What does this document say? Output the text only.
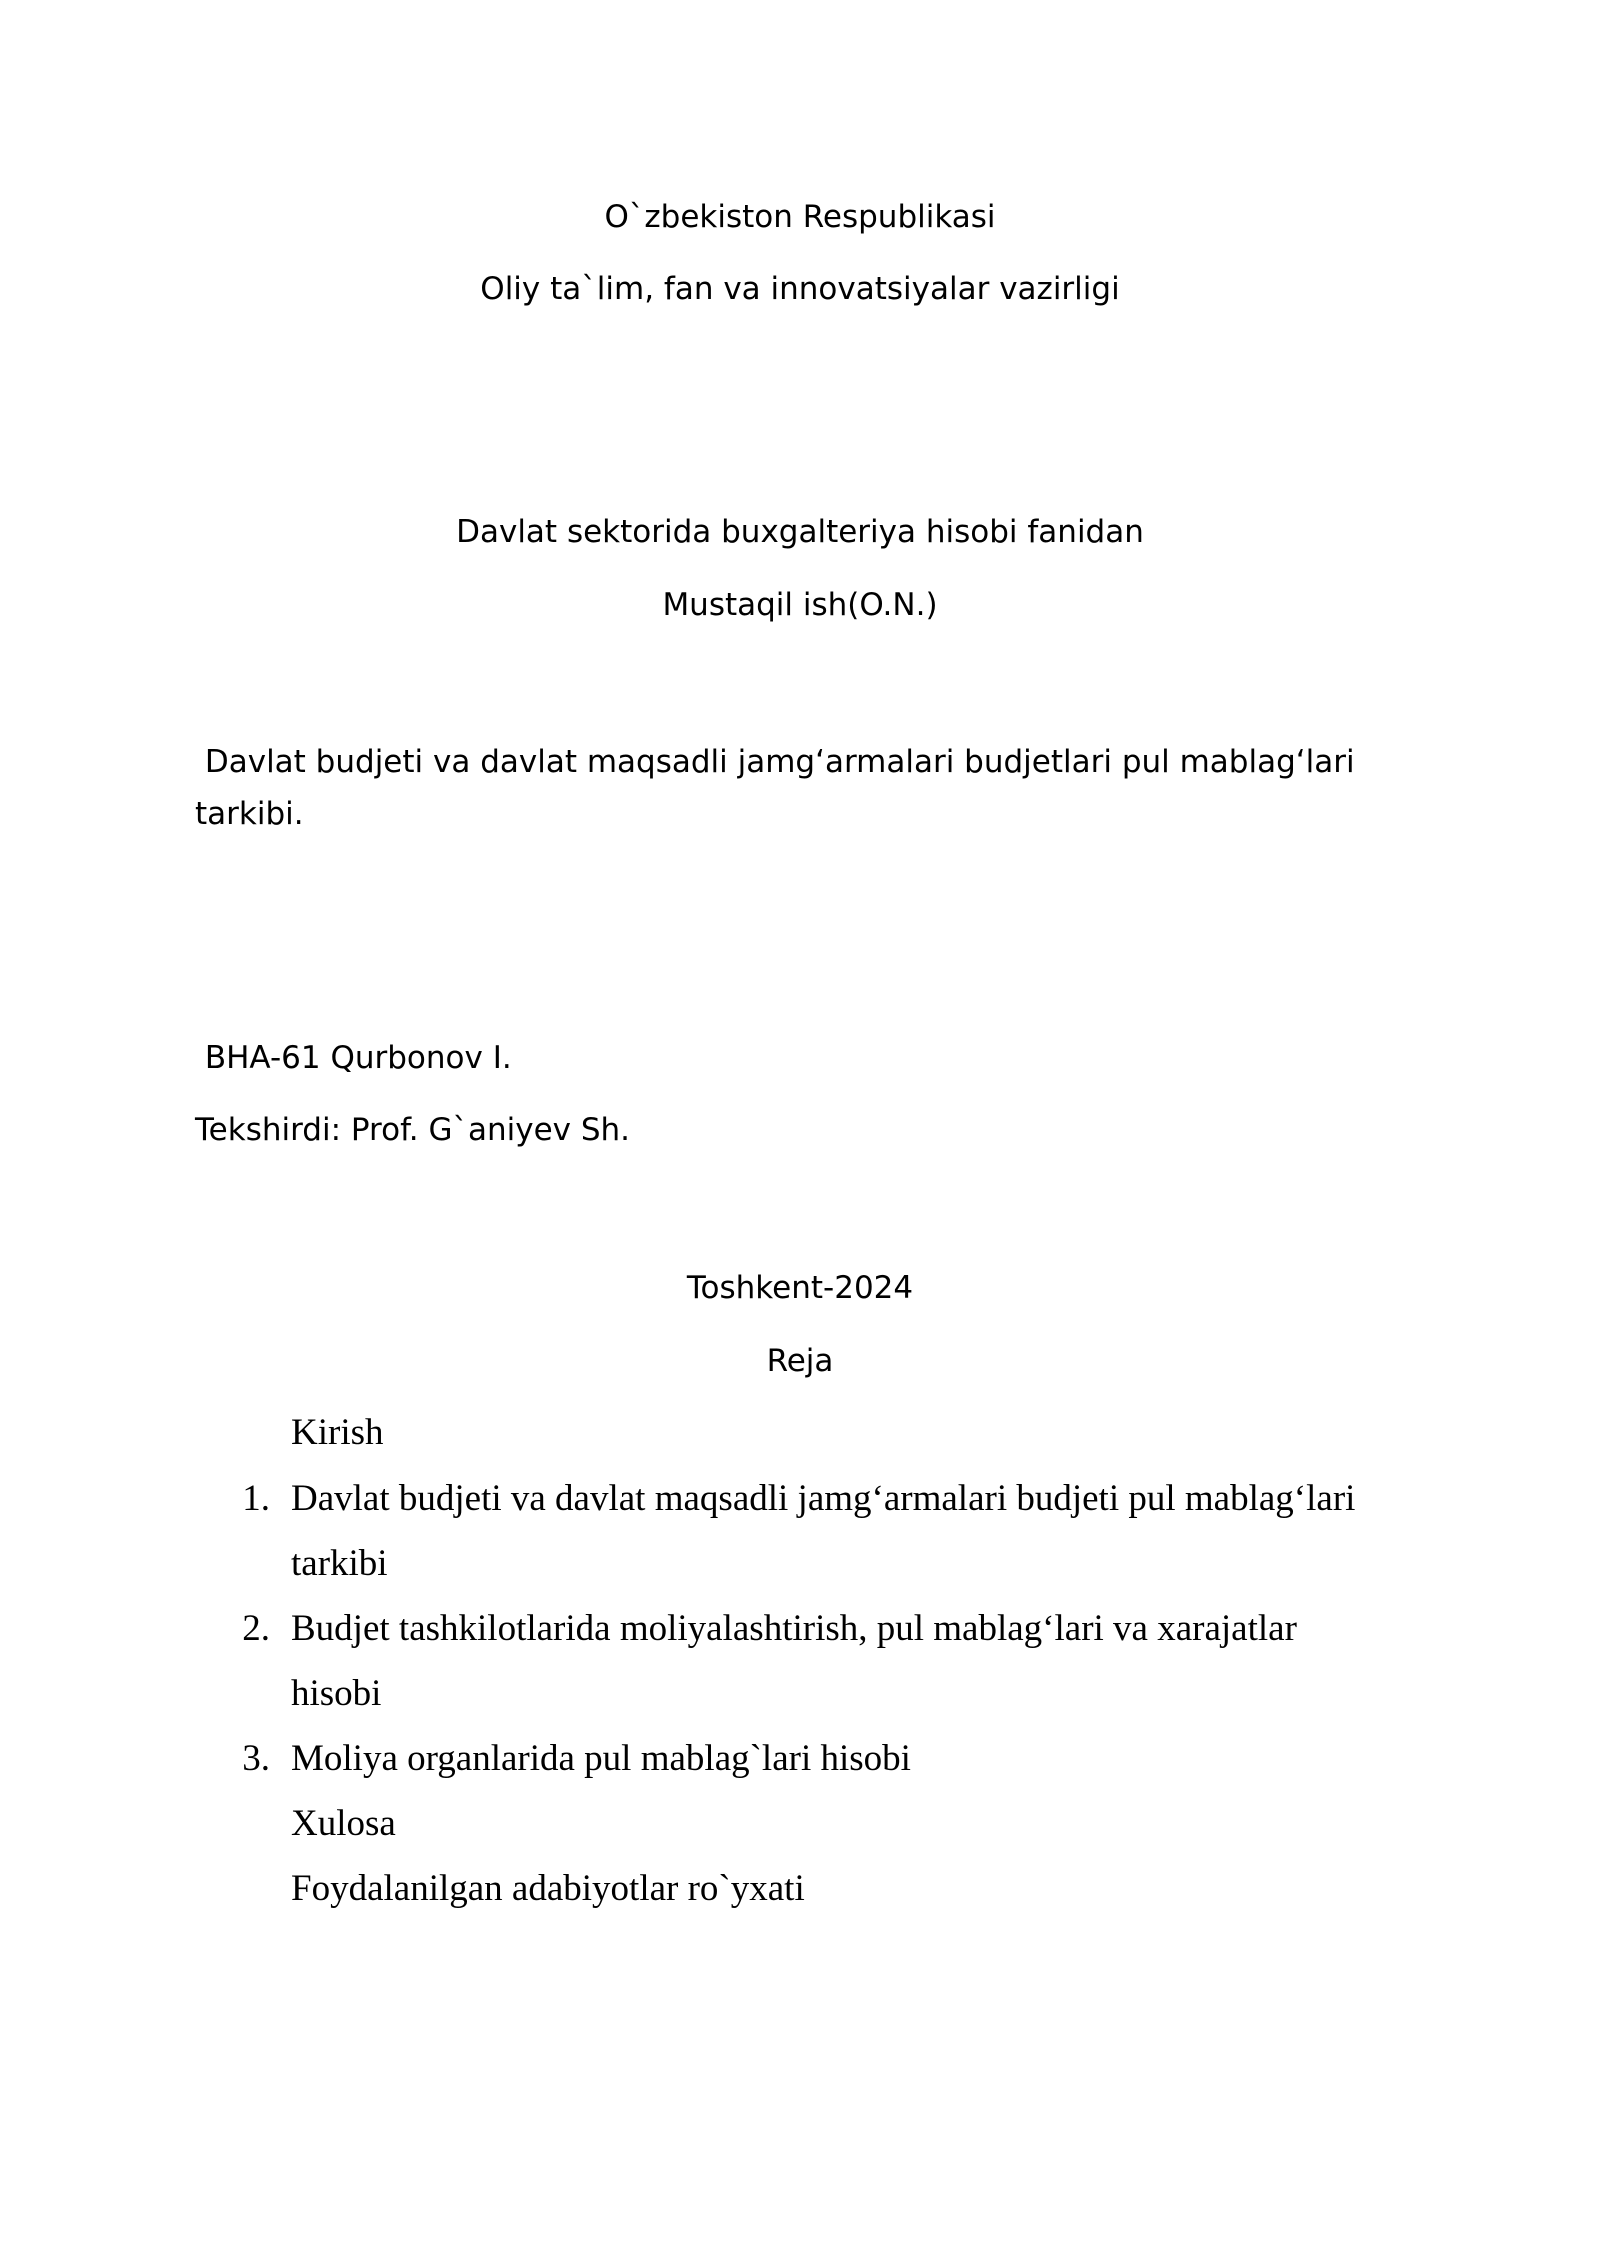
O`zbekiston Respublikasi
Oliy ta`lim, fan va innovatsiyalar vazirligi
Davlat sektorida buxgalteriya hisobi fanidan
Mustaqil ish(O.N.)
Davlat budjeti va davlat maqsadli jamg‘armalari budjetlari pul mablag‘lari
tarkibi.
BHA-61 Qurbonov I.
Tekshirdi: Prof. G`aniyev Sh.
Toshkent-2024
Reja
Kirish
1. Davlat budjeti va davlat maqsadli jamg‘armalari budjeti pul mablag‘lari
tarkibi
2. Budjet tashkilotlarida moliyalashtirish, pul mablag‘lari va xarajatlar
hisobi
3. Moliya organlarida pul mablag`lari hisobi
Xulosa
Foydalanilgan adabiyotlar ro`yxati
